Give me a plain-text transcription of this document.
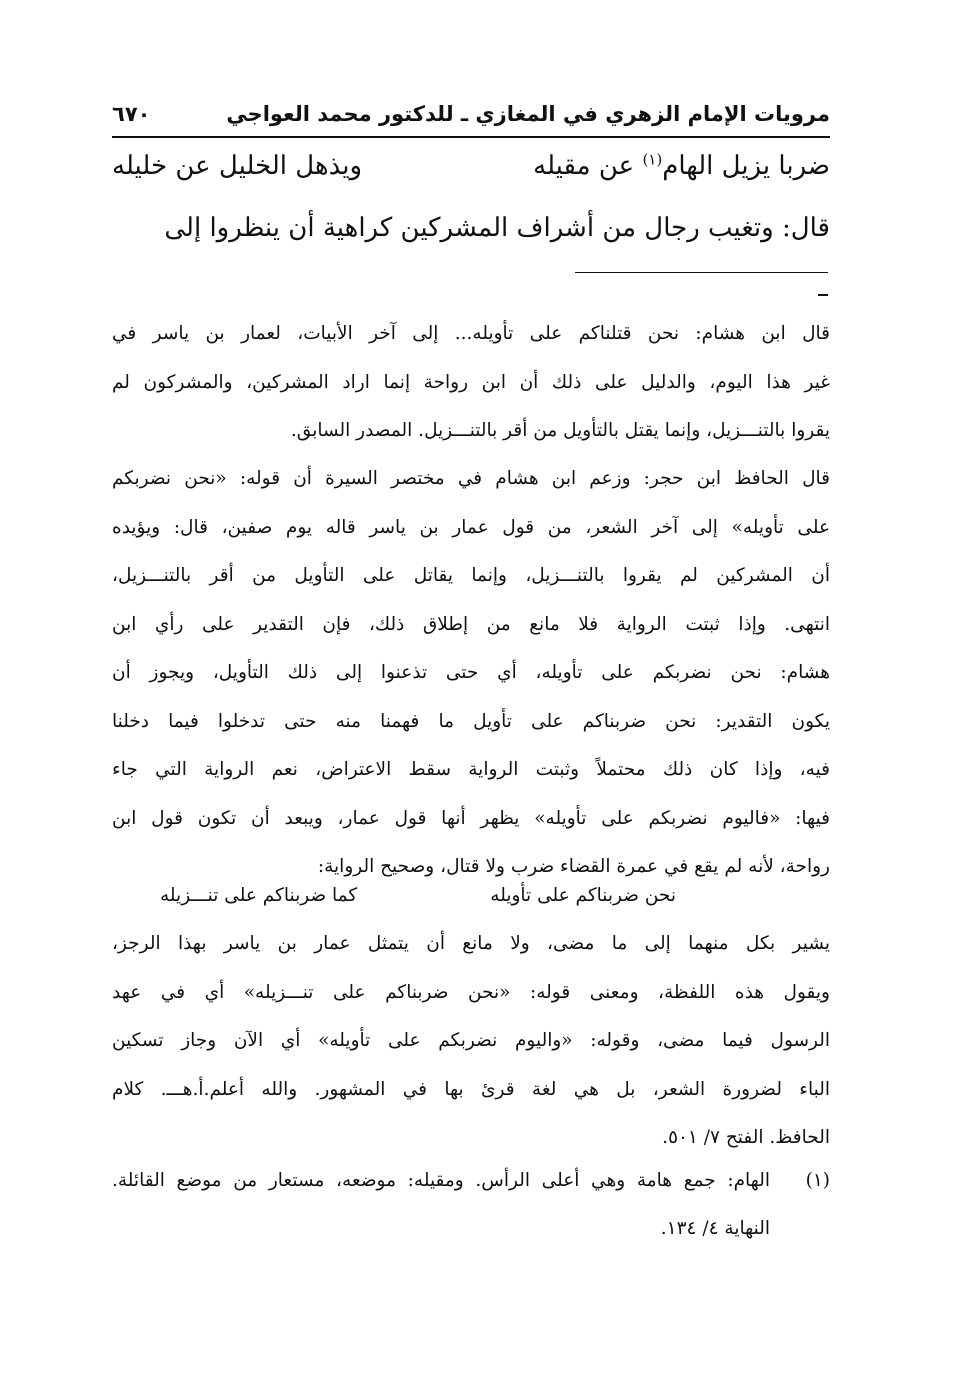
مرويات الإمام الزهري في المغازي ـ للدكتور محمد العواجي
٦٧٠
ضربا يزيل الهام$^{(١)}$ عن مقيله
ويذهل الخليل عن خليله
قال: وتغيب رجال من أشراف المشركين كراهية أن ينظروا إلى
قال ابن هشام: نحن قتلناكم على تأويله... إلى آخر الأبيات، لعمار بن ياسر في
غير هذا اليوم، والدليل على ذلك أن ابن رواحة إنما اراد المشركين، والمشركون لم
يقروا بالتنـــزيل، وإنما يقتل بالتأويل من أقر بالتنـــزيل. المصدر السابق.
قال الحافظ ابن حجر: وزعم ابن هشام في مختصر السيرة أن قوله: «نحن نضربكم
على تأويله» إلى آخر الشعر، من قول عمار بن ياسر قاله يوم صفين، قال: ويؤيده
أن المشركين لم يقروا بالتنـــزيل، وإنما يقاتل على التأويل من أقر بالتنـــزيل،
انتهى. وإذا ثبتت الرواية فلا مانع من إطلاق ذلك، فإن التقدير على رأي ابن
هشام: نحن نضربكم على تأويله، أي حتى تذعنوا إلى ذلك التأويل، ويجوز أن
يكون التقدير: نحن ضربناكم على تأويل ما فهمنا منه حتى تدخلوا فيما دخلنا
فيه، وإذا كان ذلك محتملاً وثبتت الرواية سقط الاعتراض، نعم الرواية التي جاء
فيها: «فاليوم نضربكم على تأويله» يظهر أنها قول عمار، ويبعد أن تكون قول ابن
رواحة، لأنه لم يقع في عمرة القضاء ضرب ولا قتال، وصحيح الرواية:
نحن ضربناكم على تأويله
كما ضربناكم على تنـــزيله
يشير بكل منهما إلى ما مضى، ولا مانع أن يتمثل عمار بن ياسر بهذا الرجز،
ويقول هذه اللفظة، ومعنى قوله: «نحن ضربناكم على تنـــزيله» أي في عهد
الرسول فيما مضى، وقوله: «واليوم نضربكم على تأويله» أي الآن وجاز تسكين
الباء لضرورة الشعر، بل هي لغة قرئ بها في المشهور. والله أعلم.أ.هـــ. كلام
الحافظ. الفتح ٧/ ٥٠١.
(١)
الهام: جمع هامة وهي أعلى الرأس. ومقيله: موضعه، مستعار من موضع القائلة.
النهاية ٤/ ١٣٤.
